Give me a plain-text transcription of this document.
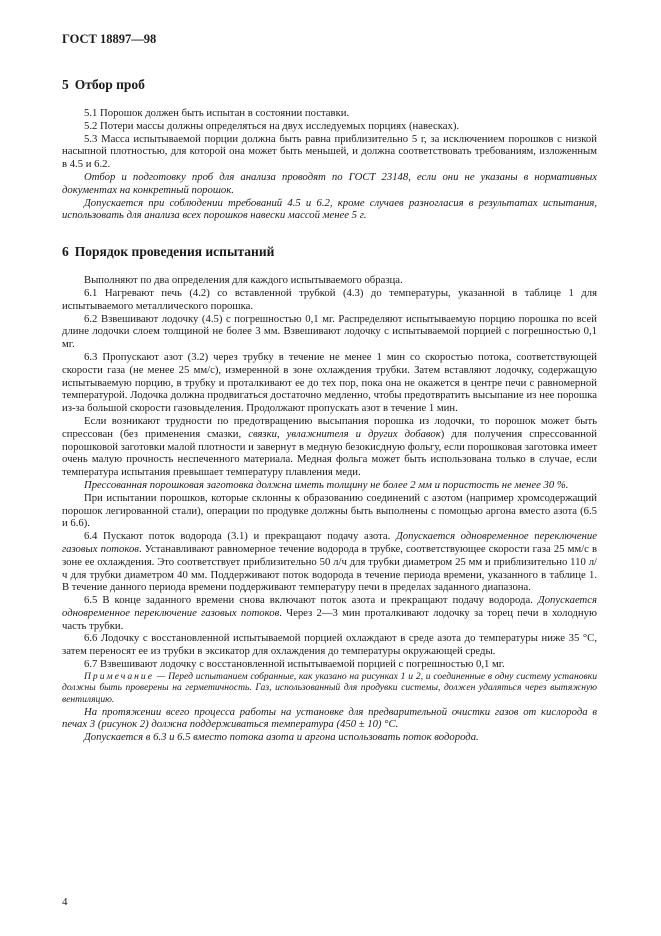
ГОСТ 18897—98

5 Отбор проб

5.1 Порошок должен быть испытан в состоянии поставки.

5.2 Потери массы должны определяться на двух исследуемых порциях (навесках).

5.3 Масса испытываемой порции должна быть равна приблизительно 5 г, за исключением порошков с низкой насыпной плотностью, для которой она может быть меньшей, и должна соответствовать требованиям, изложенным в 4.5 и 6.2.

Отбор и подготовку проб для анализа проводят по ГОСТ 23148, если они не указаны в нормативных документах на конкретный порошок.

Допускается при соблюдении требований 4.5 и 6.2, кроме случаев разногласия в результатах испытания, использовать для анализа всех порошков навески массой менее 5 г.

6 Порядок проведения испытаний

Выполняют по два определения для каждого испытываемого образца.

6.1 Нагревают печь (4.2) со вставленной трубкой (4.3) до температуры, указанной в таблице 1 для испытываемого металлического порошка.

6.2 Взвешивают лодочку (4.5) с погрешностью 0,1 мг. Распределяют испытываемую порцию порошка по всей длине лодочки слоем толщиной не более 3 мм. Взвешивают лодочку с испытываемой порцией с погрешностью 0,1 мг.

6.3 Пропускают азот (3.2) через трубку в течение не менее 1 мин со скоростью потока, соответствующей скорости газа (не менее 25 мм/с), измеренной в зоне охлаждения трубки. Затем вставляют лодочку, содержащую испытываемую порцию, в трубку и проталкивают ее до тех пор, пока она не окажется в центре печи с равномерной температурой. Лодочка должна продвигаться достаточно медленно, чтобы предотвратить высыпание из нее порошка из-за большой скорости газовыделения. Продолжают пропускать азот в течение 1 мин.

Если возникают трудности по предотвращению высыпания порошка из лодочки, то порошок может быть спрессован (без применения смазки, связки, увлажнителя и других добавок) для получения спрессованной порошковой заготовки малой плотности и завернут в медную безокисдную фольгу, если порошковая заготовка имеет очень малую прочность неспеченного материала. Медная фольга может быть использована только в случае, если температура испытания превышает температуру плавления меди.

Прессованная порошковая заготовка должна иметь толщину не более 2 мм и пористость не менее 30 %.

При испытании порошков, которые склонны к образованию соединений с азотом (например хромсодержащий порошок легированной стали), операции по продувке должны быть выполнены с помощью аргона вместо азота (6.5 и 6.6).

6.4 Пускают поток водорода (3.1) и прекращают подачу азота. Допускается одновременное переключение газовых потоков. Устанавливают равномерное течение водорода в трубке, соответствующее скорости газа 25 мм/с в зоне ее охлаждения. Это соответствует приблизительно 50 л/ч для трубки диаметром 25 мм и приблизительно 110 л/ч для трубки диаметром 40 мм. Поддерживают поток водорода в течение периода времени, указанного в таблице 1. В течение данного периода времени поддерживают температуру печи в пределах заданного диапазона.

6.5 В конце заданного времени снова включают поток азота и прекращают подачу водорода. Допускается одновременное переключение газовых потоков. Через 2—3 мин проталкивают лодочку за торец печи в холодную часть трубки.

6.6 Лодочку с восстановленной испытываемой порцией охлаждают в среде азота до температуры ниже 35 °С, затем переносят ее из трубки в эксикатор для охлаждения до температуры окружающей среды.

6.7 Взвешивают лодочку с восстановленной испытываемой порцией с погрешностью 0,1 мг.

Примечание — Перед испытанием собранные, как указано на рисунках 1 и 2, и соединенные в одну систему установки должны быть проверены на герметичность. Газ, использованный для продувки системы, должен удаляться через вытяжную вентиляцию.

На протяжении всего процесса работы на установке для предварительной очистки газов от кислорода в печах 3 (рисунок 2) должна поддерживаться температура (450 ± 10) °С.

Допускается в 6.3 и 6.5 вместо потока азота и аргона использовать поток водорода.

4
